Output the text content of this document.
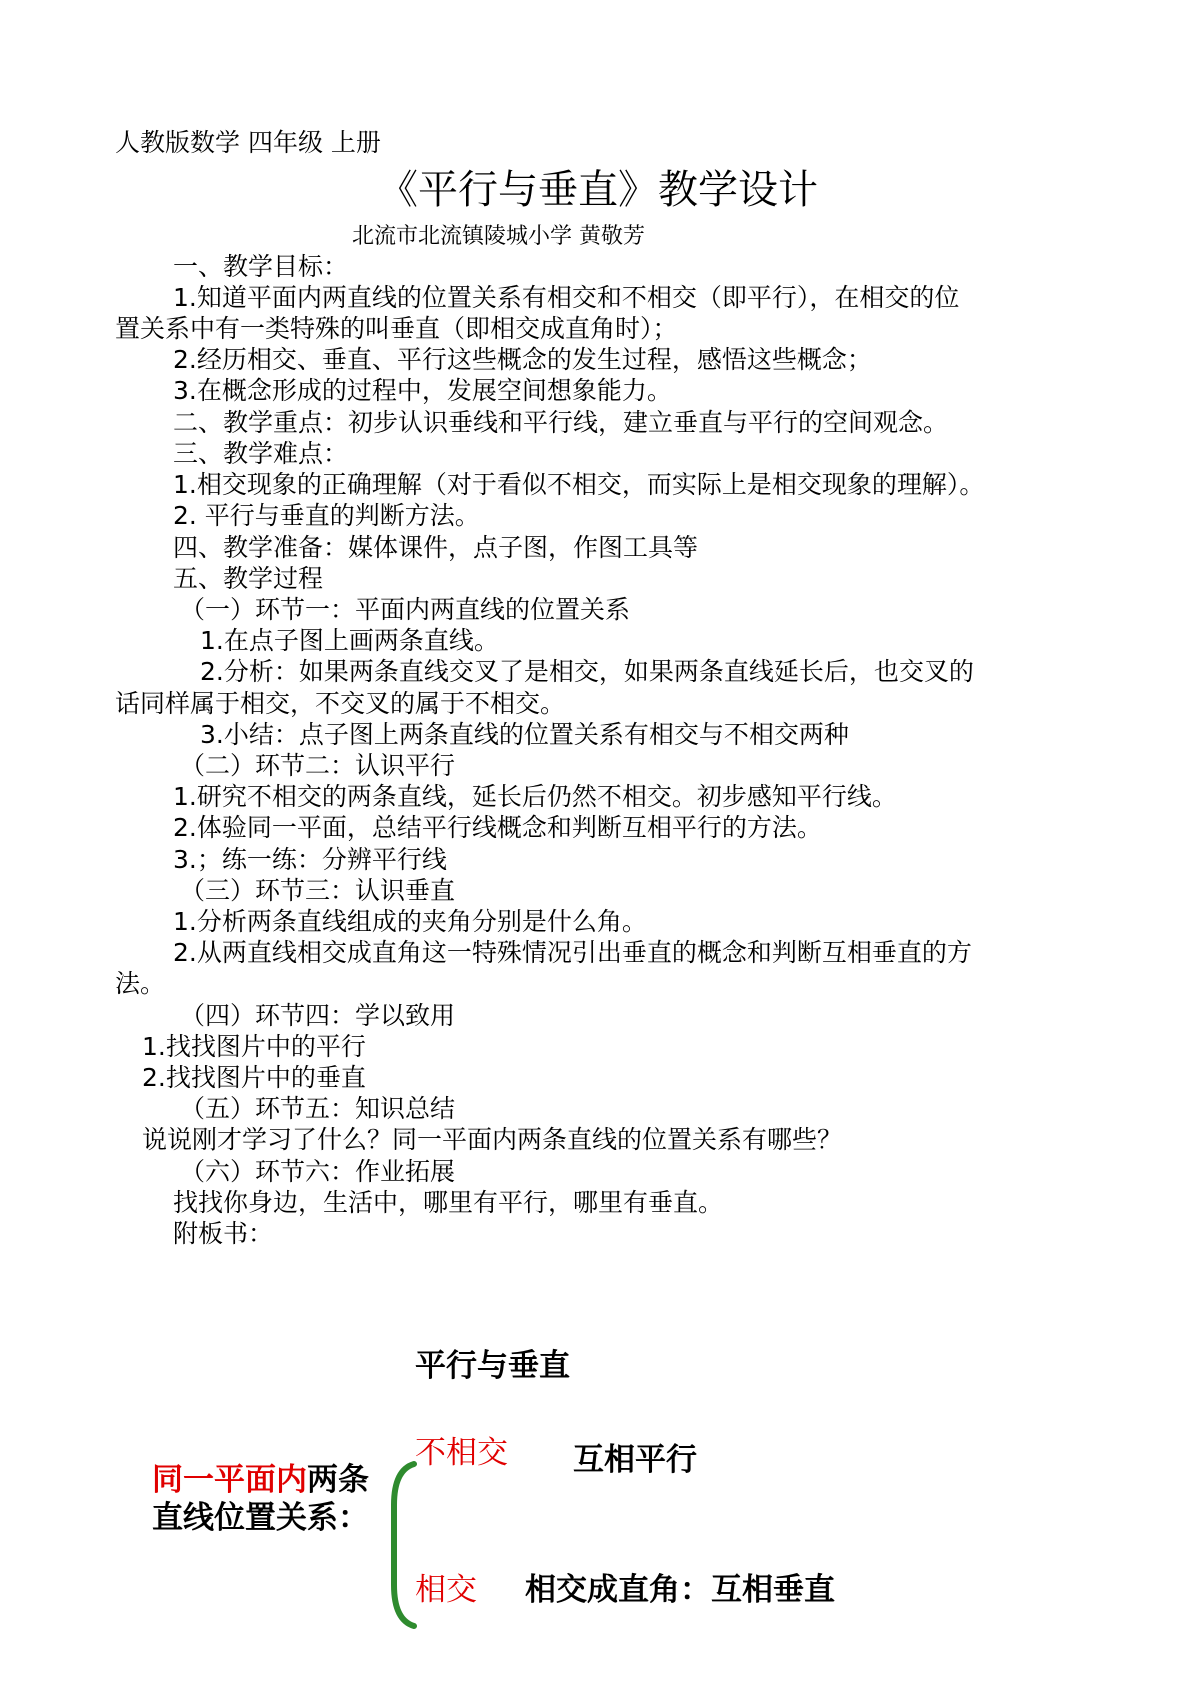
人教版数学 四年级 上册
《平行与垂直》教学设计
北流市北流镇陵城小学 黄敬芳
一、教学目标：
1.知道平面内两直线的位置关系有相交和不相交（即平行），在相交的位
置关系中有一类特殊的叫垂直（即相交成直角时）；
2.经历相交、垂直、平行这些概念的发生过程，感悟这些概念；
3.在概念形成的过程中，发展空间想象能力。
二、教学重点：初步认识垂线和平行线，建立垂直与平行的空间观念。
三、教学难点：
1.相交现象的正确理解（对于看似不相交，而实际上是相交现象的理解）。
2. 平行与垂直的判断方法。
四、教学准备：媒体课件，点子图，作图工具等
五、教学过程
（一）环节一：平面内两直线的位置关系
1.在点子图上画两条直线。
2.分析：如果两条直线交叉了是相交，如果两条直线延长后，也交叉的
话同样属于相交，不交叉的属于不相交。
3.小结：点子图上两条直线的位置关系有相交与不相交两种
（二）环节二：认识平行
1.研究不相交的两条直线，延长后仍然不相交。初步感知平行线。
2.体验同一平面，总结平行线概念和判断互相平行的方法。
3.；练一练：分辨平行线
（三）环节三：认识垂直
1.分析两条直线组成的夹角分别是什么角。
2.从两直线相交成直角这一特殊情况引出垂直的概念和判断互相垂直的方
法。
（四）环节四：学以致用
1.找找图片中的平行
2.找找图片中的垂直
（五）环节五：知识总结
说说刚才学习了什么？同一平面内两条直线的位置关系有哪些？
（六）环节六：作业拓展
找找你身边，生活中，哪里有平行，哪里有垂直。
附板书：
平行与垂直
同一平面内两条
直线位置关系：
不相交 互相平行
相交 相交成直角：互相垂直
